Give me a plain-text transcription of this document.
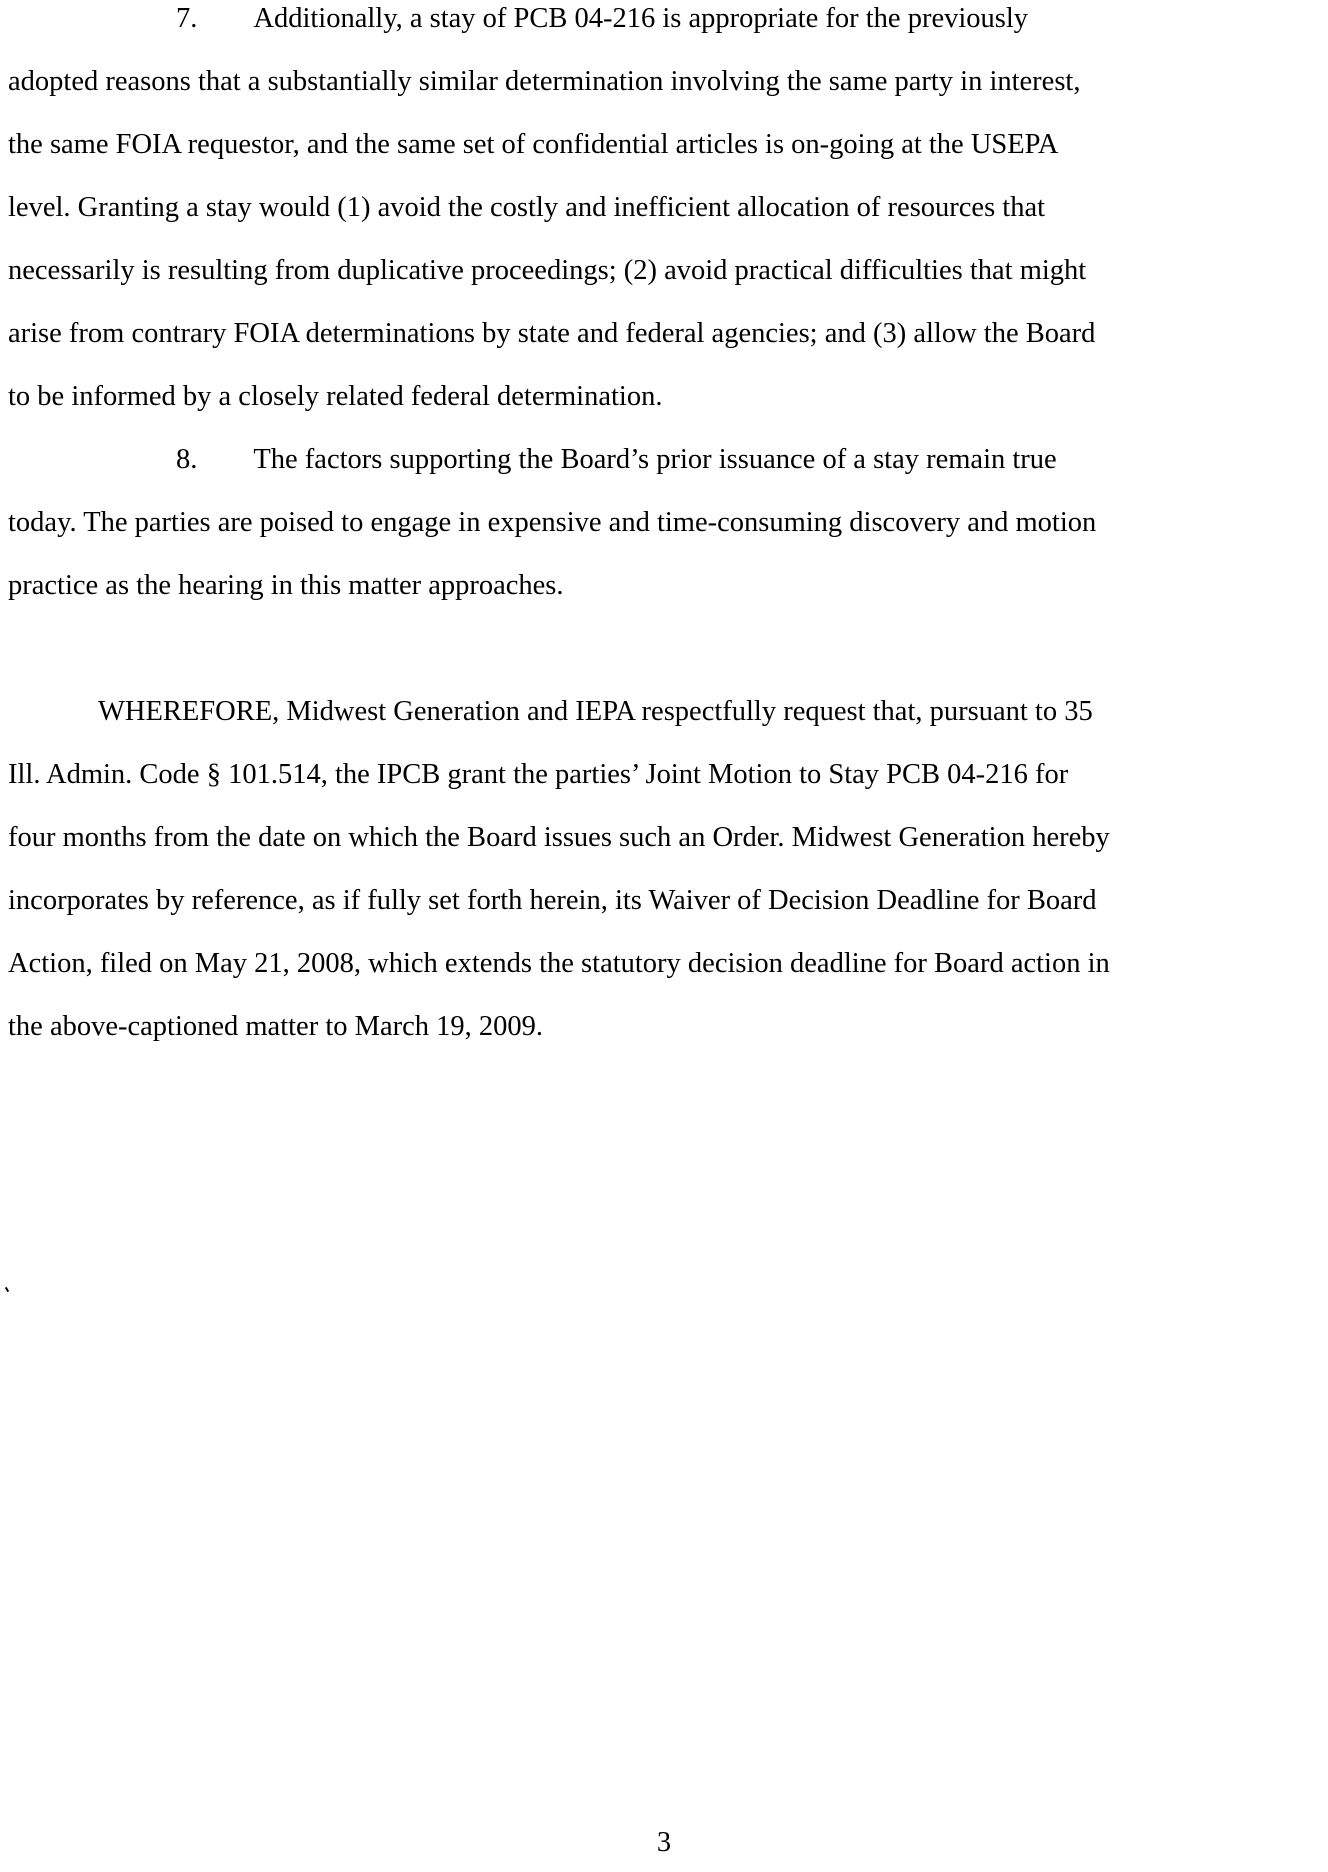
7. Additionally, a stay of PCB 04-216 is appropriate for the previously
adopted reasons that a substantially similar determination involving the same party in interest,
the same FOIA requestor, and the same set of confidential articles is on-going at the USEPA
level. Granting a stay would (1) avoid the costly and inefficient allocation of resources that
necessarily is resulting from duplicative proceedings; (2) avoid practical difficulties that might
arise from contrary FOIA determinations by state and federal agencies; and (3) allow the Board
to be informed by a closely related federal determination.
8. The factors supporting the Board’s prior issuance of a stay remain true
today. The parties are poised to engage in expensive and time-consuming discovery and motion
practice as the hearing in this matter approaches.
WHEREFORE, Midwest Generation and IEPA respectfully request that, pursuant to 35
Ill. Admin. Code § 101.514, the IPCB grant the parties’ Joint Motion to Stay PCB 04-216 for
four months from the date on which the Board issues such an Order. Midwest Generation hereby
incorporates by reference, as if fully set forth herein, its Waiver of Decision Deadline for Board
Action, filed on May 21, 2008, which extends the statutory decision deadline for Board action in
the above-captioned matter to March 19, 2009.
3
